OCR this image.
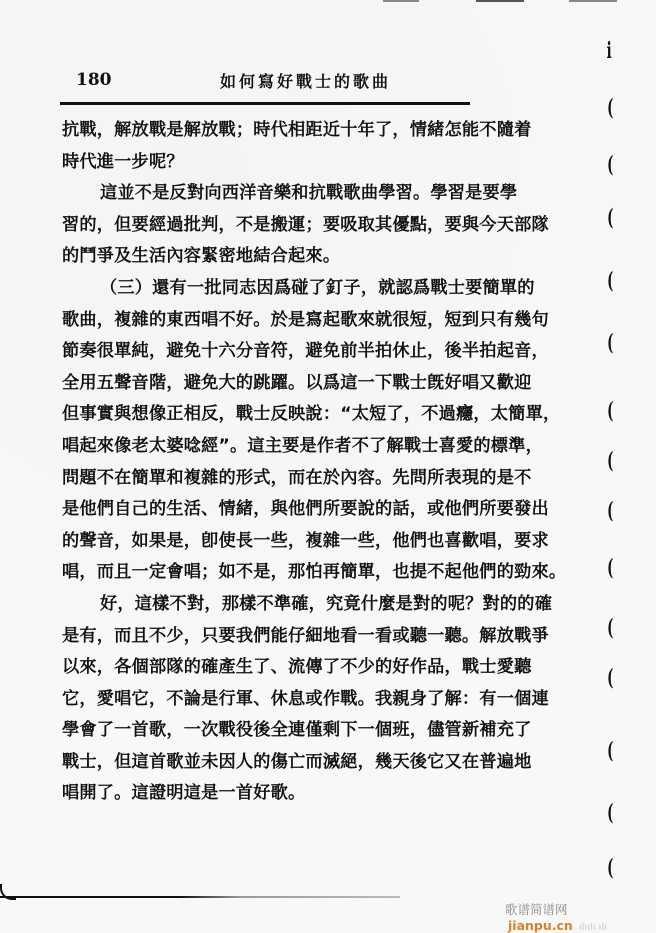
180	如何寫好戰士的歌曲
抗戰，解放戰是解放戰；時代相距近十年了，情緒怎能不隨着
時代進一步呢？
這並不是反對向西洋音樂和抗戰歌曲學習。學習是要學
習的，但要經過批判，不是搬運；要吸取其優點，要與今天部隊
的鬥爭及生活內容緊密地結合起來。
（三）還有一批同志因爲碰了釘子，就認爲戰士要簡單的
歌曲，複雜的東西唱不好。於是寫起歌來就很短，短到只有幾句
節奏很單純，避免十六分音符，避免前半拍休止，後半拍起音，
全用五聲音階，避免大的跳躍。以爲這一下戰士旣好唱又歡迎
但事實與想像正相反，戰士反映說：“太短了，不過癮，太簡單，
唱起來像老太婆唸經”。這主要是作者不了解戰士喜愛的標準，
問題不在簡單和複雜的形式，而在於內容。先問所表現的是不
是他們自己的生活、情緒，與他們所要說的話，或他們所要發出
的聲音，如果是，卽使長一些，複雜一些，他們也喜歡唱，要求
唱，而且一定會唱；如不是，那怕再簡單，也提不起他們的勁來。
好，這樣不對，那樣不準確，究竟什麼是對的呢？對的的確
是有，而且不少，只要我們能仔細地看一看或聽一聽。解放戰爭
以來，各個部隊的確產生了、流傳了不少的好作品，戰士愛聽
它，愛唱它，不論是行軍、休息或作戰。我親身了解：有一個連
學會了一首歌，一次戰役後全連僅剩下一個班，儘管新補充了
戰士，但這首歌並未因人的傷亡而滅絕，幾天後它又在普遍地
唱開了。這證明這是一首好歌。
i
(
(
(
(
(
(
(
(
(
(
(
(
(
(
歌谱简谱网jianpu.cn ılıılı ılı
